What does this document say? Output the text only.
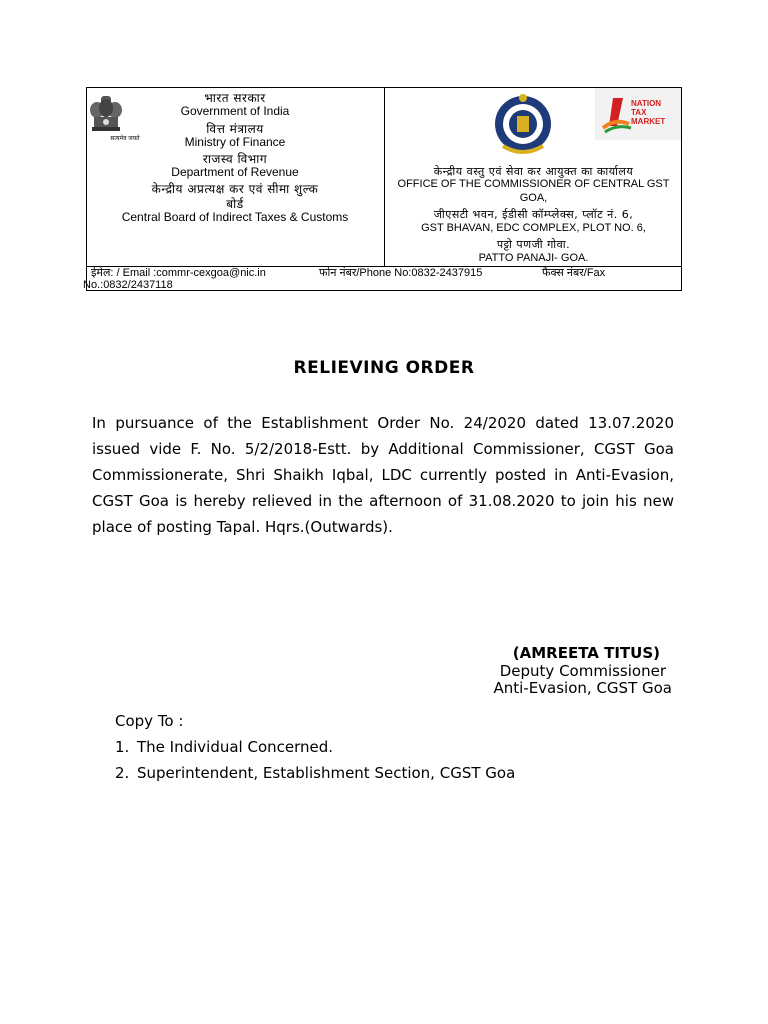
सत्यमेव जयते
भारत सरकार
Government of India
वित्त मंत्रालय
Ministry of Finance
राजस्व विभाग
Department of Revenue
केन्द्रीय अप्रत्यक्ष कर एवं सीमा शुल्क
बोर्ड
Central Board of Indirect Taxes & Customs
NATION
TAX
MARKET
केन्द्रीय वस्तु एवं सेवा कर आयुक्त का कार्यालय
OFFICE OF THE COMMISSIONER OF CENTRAL GST
GOA,
जीएसटी भवन, ईडीसी कॉम्प्लेक्स, प्लॉट नं. 6,
GST BHAVAN, EDC COMPLEX, PLOT NO. 6,
पट्टो पणजी गोवा.
PATTO PANAJI- GOA.
ईमेल: / Email :commr-cexgoa@nic.in	फोन नंबर/Phone No:0832-2437915	फैक्स नंबर/Fax
No.:0832/2437118
RELIEVING ORDER
In pursuance of the Establishment Order No. 24/2020 dated 13.07.2020 issued vide F. No. 5/2/2018-Estt. by Additional Commissioner, CGST Goa Commissionerate, Shri Shaikh Iqbal, LDC currently posted in Anti-Evasion, CGST Goa is hereby relieved in the afternoon of 31.08.2020 to join his new place of posting Tapal. Hqrs.(Outwards).
(AMREETA TITUS)
Deputy Commissioner
Anti-Evasion, CGST Goa
Copy To :
1. The Individual Concerned.
2. Superintendent, Establishment Section, CGST Goa
